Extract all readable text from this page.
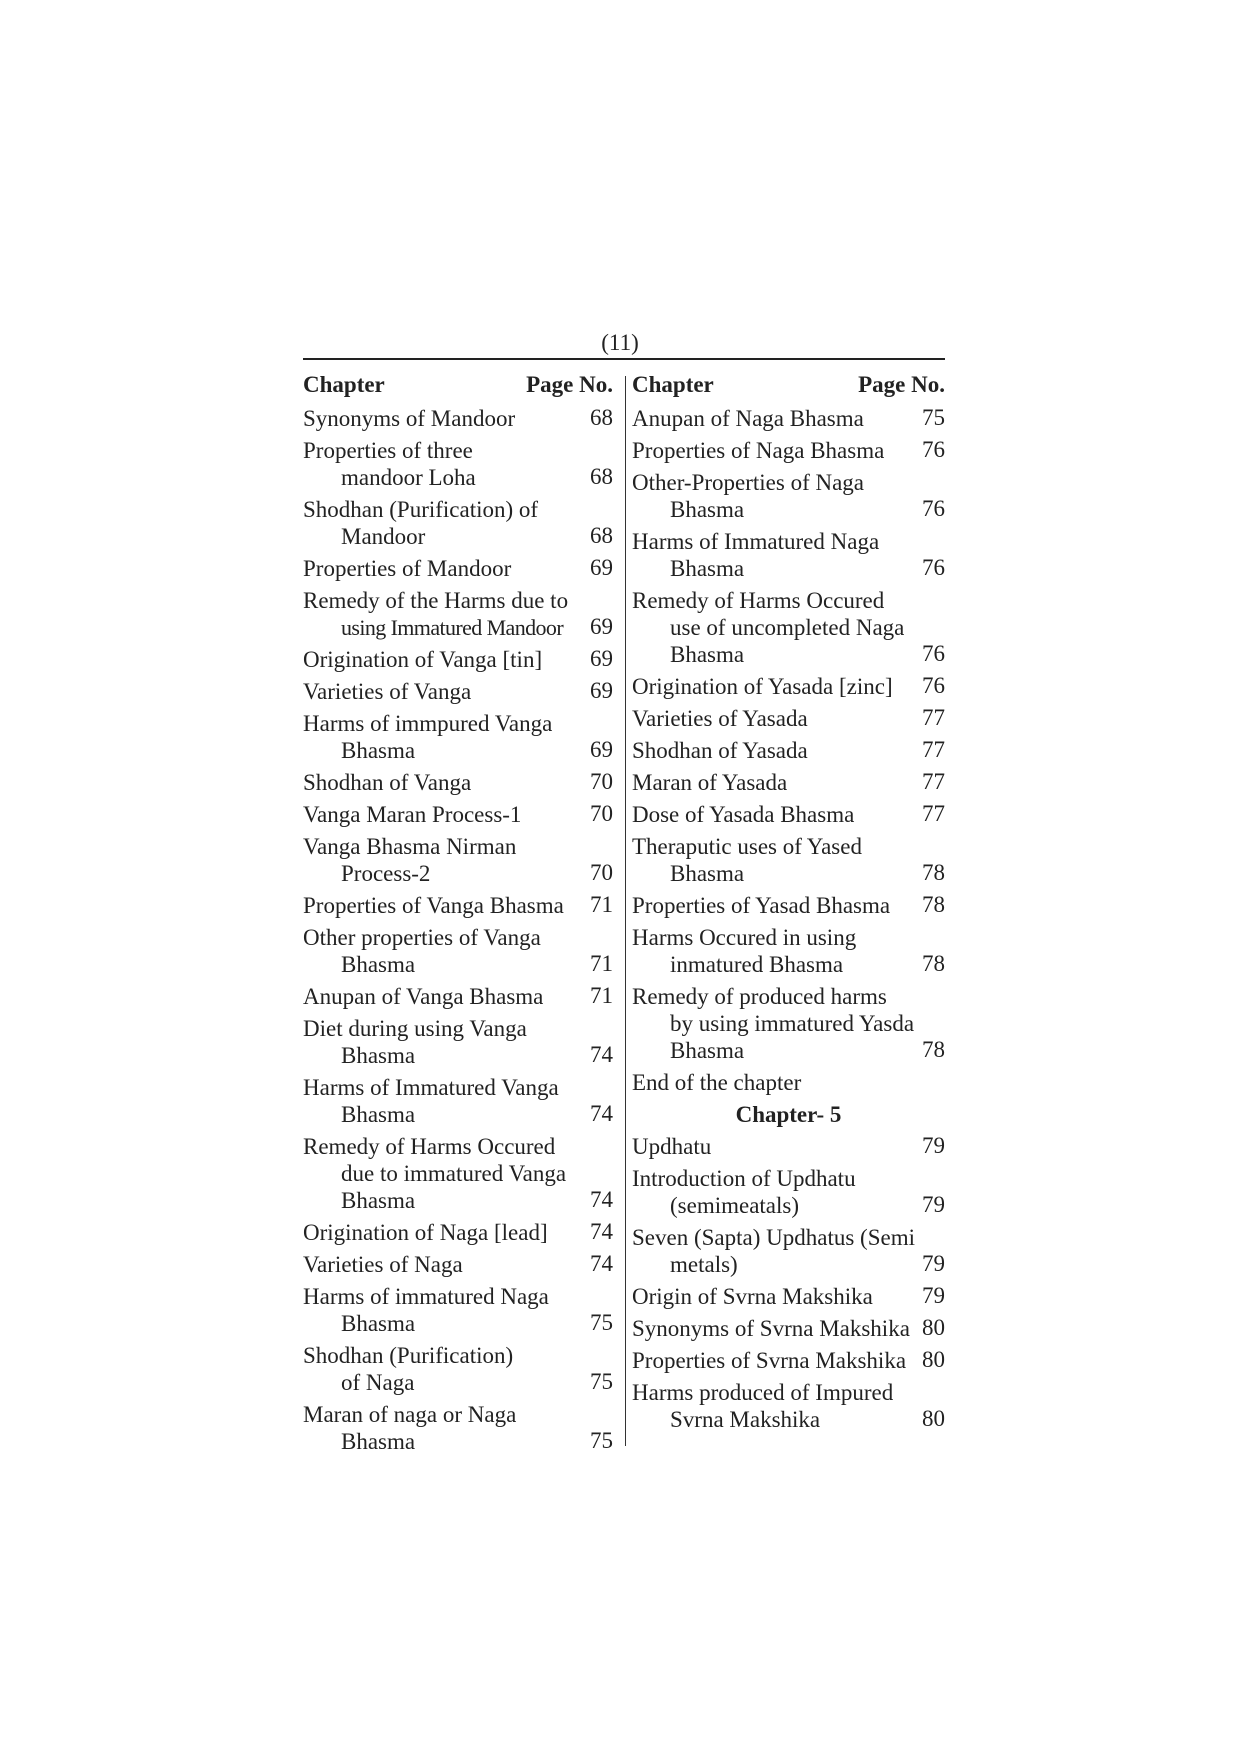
(11)
Chapter	Page No.
Synonyms of Mandoor	68
Properties of three
mandoor Loha	68
Shodhan (Purification) of
Mandoor	68
Properties of Mandoor	69
Remedy of the Harms due to
using Immatured Mandoor	69
Origination of Vanga [tin]	69
Varieties of Vanga	69
Harms of immpured Vanga
Bhasma	69
Shodhan of Vanga	70
Vanga Maran Process-1	70
Vanga Bhasma Nirman
Process-2	70
Properties of Vanga Bhasma	71
Other properties of Vanga
Bhasma	71
Anupan of Vanga Bhasma	71
Diet during using Vanga
Bhasma	74
Harms of Immatured Vanga
Bhasma	74
Remedy of Harms Occured
due to immatured Vanga
Bhasma	74
Origination of Naga [lead]	74
Varieties of Naga	74
Harms of immatured Naga
Bhasma	75
Shodhan (Purification)
of Naga	75
Maran of naga or Naga
Bhasma	75
Chapter	Page No.
Anupan of Naga Bhasma	75
Properties of Naga Bhasma	76
Other-Properties of Naga
Bhasma	76
Harms of Immatured Naga
Bhasma	76
Remedy of Harms Occured
use of uncompleted Naga
Bhasma	76
Origination of Yasada [zinc]	76
Varieties of Yasada	77
Shodhan of Yasada	77
Maran of Yasada	77
Dose of Yasada Bhasma	77
Theraputic uses of Yased
Bhasma	78
Properties of Yasad Bhasma	78
Harms Occured in using
inmatured Bhasma	78
Remedy of produced harms
by using immatured Yasda
Bhasma	78
End of the chapter
Chapter- 5
Updhatu	79
Introduction of Updhatu
(semimeatals)	79
Seven (Sapta) Updhatus (Semi
metals)	79
Origin of Svrna Makshika	79
Synonyms of Svrna Makshika 80
Properties of Svrna Makshika 80
Harms produced of Impured
Svrna Makshika	80
